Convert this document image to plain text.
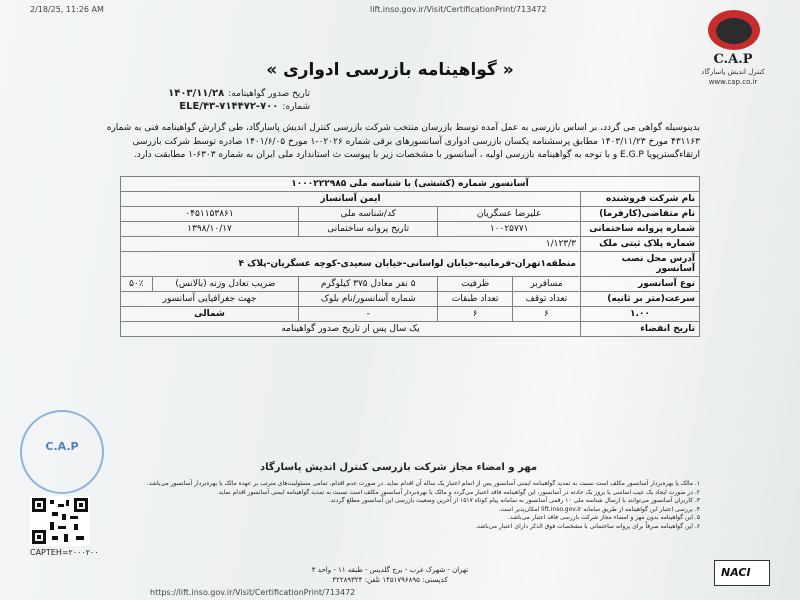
2/18/25, 11:26 AM	lift.inso.gov.ir/Visit/CertificationPrint/713472
C.A.P
کنترل اندیش پاسارگاد
www.cap.co.ir
« گواهینامه بازرسی ادواری »
تاریخ صدور گواهینامه:۱۴۰۳/۱۱/۲۸
شماره:ELE/۴۳-۷۱۴۴۷۲-۷۰۰
بدینوسیله گواهی می گردد، بر اساس بازرسی به عمل آمده توسط بازرسان منتخب شرکت بازرسی کنترل اندیش پاسارگاد، طی گزارش گواهینامه فنی به شماره ۴۳۱۱۶۳ مورخ ۱۴۰۳/۱۱/۲۳ مطابق پرسشنامه یکسان بازرسی ادواری آسانسورهای برقی شماره ۰۲۰۲۶-۱ مورخ ۱۴۰۱/۶/۰۵ صادره توسط شرکت بازرسی ارتقاءگسترپویا E.G.P و با توجه به گواهینامه بازرسی اولیه ، آسانسور با مشخصات زیر با پیوست ث استاندارد ملی ایران به شماره ۶۳۰۳-۱ مطابقت دارد.
آسانسور شماره (کششی) با شناسه ملی ۱۰۰۰۲۲۲۹۸۵					
نام شرکت فروشنده	ایمن آسانساز				
نام متقاضی(کارفرما)	علیرضا عسگریان		کد/شناسه ملی	۰۴۵۱۱۵۳۸۶۱	
شماره پروانه ساختمانی	۱۰۰۲۵۷۷۱		تاریخ پروانه ساختمانی	۱۳۹۸/۱۰/۱۷	
شماره پلاک ثبتی ملک	۱/۱۲۳/۳				
آدرس محل نصب آسانسور	منطقه۱تهران-فرمانیه-خیابان لواسانی-خیابان سعیدی-کوچه عسگریان-پلاک ۴				
نوع آسانسور	مسافربر	ظرفیت	۵ نفر معادل ۳۷۵ کیلوگرم	ضریب تعادل وزنه (بالانس)	۵۰٪
سرعت(متر بر ثانیه)	تعداد توقف	تعداد طبقات	شماره آسانسور/نام بلوک	جهت جغرافیایی آسانسور	
۱.۰۰	۶	۶	-	شمالی	
تاریخ انقضاء	یک سال پس از تاریخ صدور گواهینامه				
C.A.P
مهر و امضاء مجاز شرکت بازرسی کنترل اندیش پاسارگاد
۱. مالک یا بهره‌بردار آسانسور مکلف است نسبت به تمدید گواهینامه ایمنی آسانسور پس از اتمام اعتبار یک ساله آن اقدام نماید. در صورت عدم اقدام، تمامی مسئولیت‌های مترتب بر عهده مالک یا بهره‌بردار آسانسور می‌باشد.
۲. در صورت ایجاد یک عیب اساسی یا بروز یک حادثه در آسانسور، این گواهینامه فاقد اعتبار می‌گردد و مالک یا بهره‌بردار آسانسور مکلف است نسبت به تمدید گواهینامه ایمنی آسانسور اقدام نماید.
۳. کاربران آسانسور می‌توانند با ارسال شناسه ملی ۱۰ رقمی آسانسور به سامانه پیام کوتاه ۱۵۱۷ از آخرین وضعیت بازرسی این آسانسور مطلع گردند.
۴. بررسی اعتبار این گواهینامه از طریق سامانه lift.inso.gov.ir امکان‌پذیر است.
۵. این گواهینامه بدون مهر و امضاء مجاز شرکت بازرسی فاقد اعتبار می‌باشد.
۶. این گواهینامه صرفاً برای پروانه ساختمانی با مشخصات فوق الذکر دارای اعتبار می‌باشد.
CAPTEH=۲۰۰۰۲۰۰
تهران - شهرک غرب - برج گلدیس - طبقه ۱۱ - واحد ۴
کدپستی: ۱۴۵۱۷۹۶۸۹۵ تلفن: ۴۲۲۸۹۳۲۴
NACI
https://lift.inso.gov.ir/Visit/CertificationPrint/713472
